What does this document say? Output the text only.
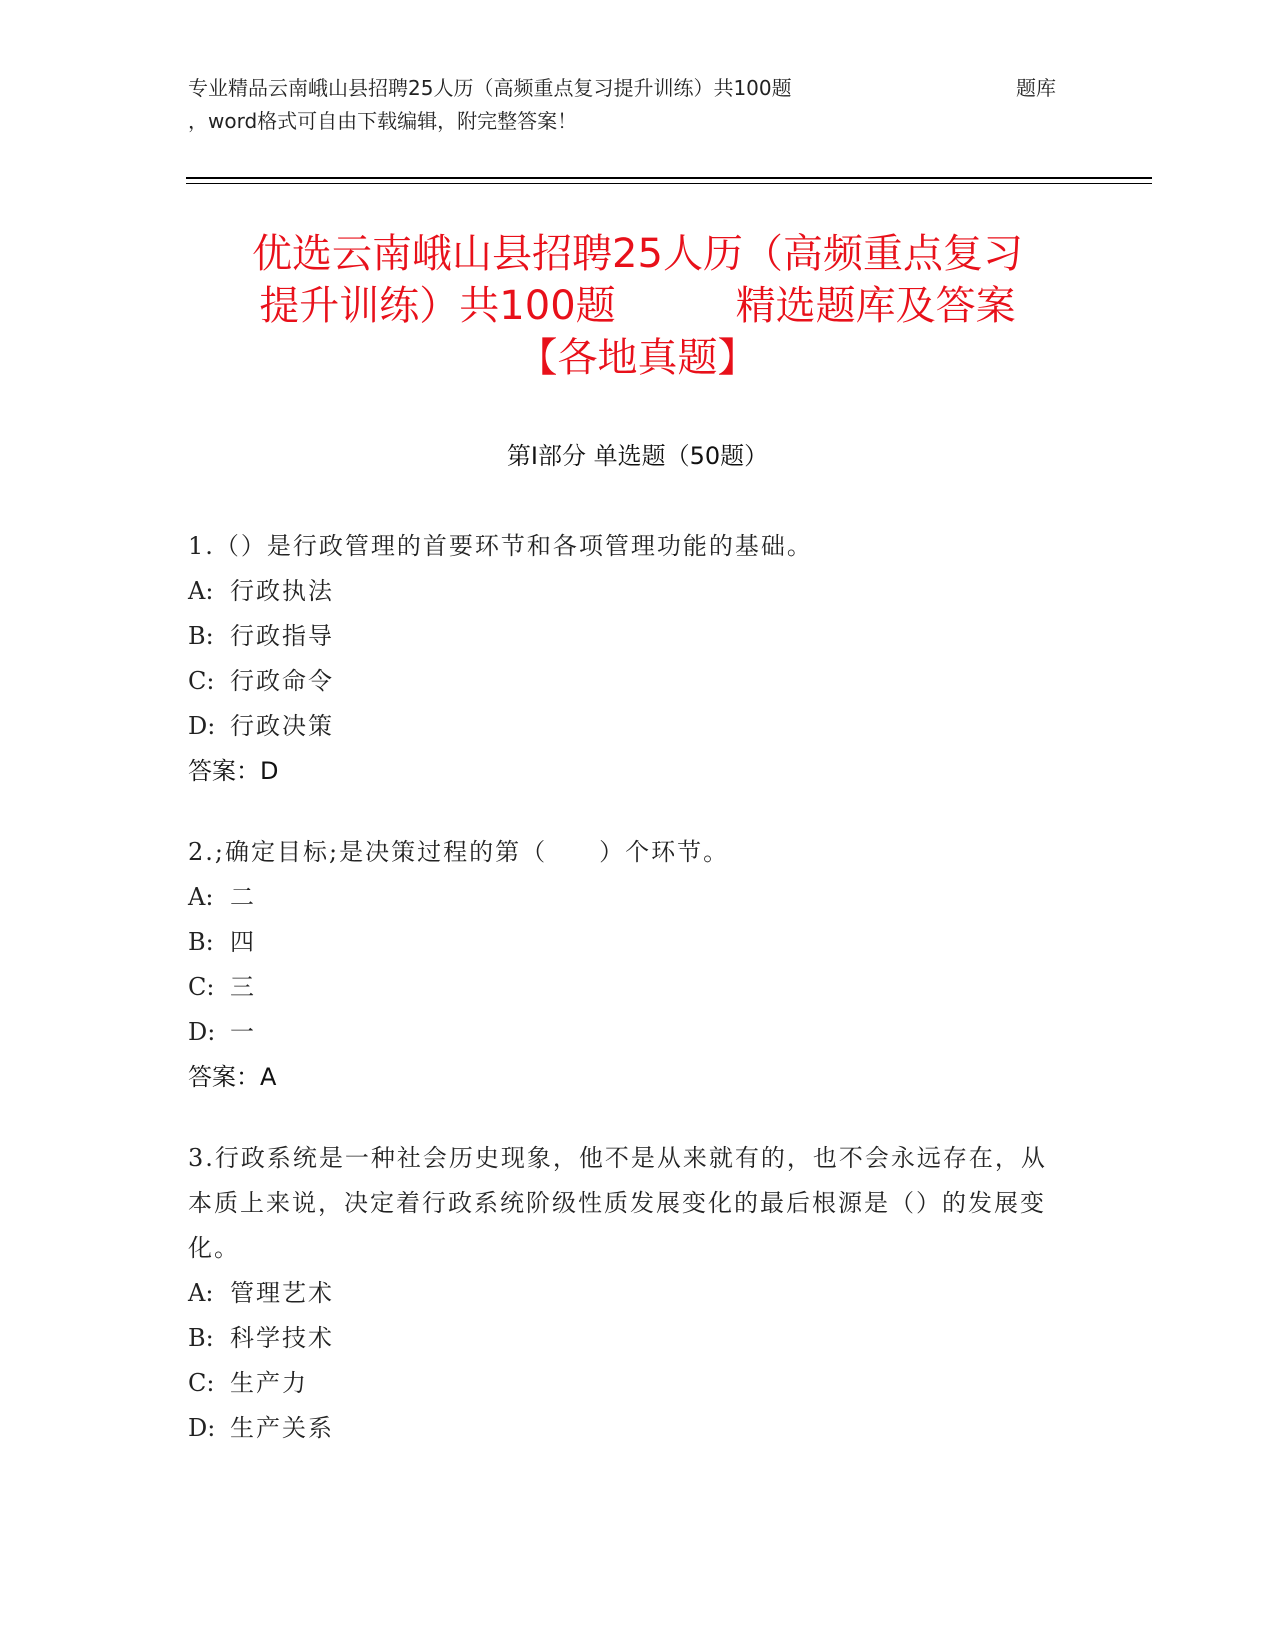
专业精品云南峨山县招聘25人历（高频重点复习提升训练）共100题	题库
，word格式可自由下载编辑，附完整答案！
优选云南峨山县招聘25人历（高频重点复习
提升训练）共100题	精选题库及答案
【各地真题】
第Ⅰ部分 单选题（50题）
1.（）是行政管理的首要环节和各项管理功能的基础。
A: 行政执法
B: 行政指导
C: 行政命令
D: 行政决策
答案：D
2.;确定目标;是决策过程的第（　　）个环节。
A: 二
B: 四
C: 三
D: 一
答案：A
3.行政系统是一种社会历史现象，他不是从来就有的，也不会永远存在，从本质上来说，决定着行政系统阶级性质发展变化的最后根源是（）的发展变化。
A: 管理艺术
B: 科学技术
C: 生产力
D: 生产关系
